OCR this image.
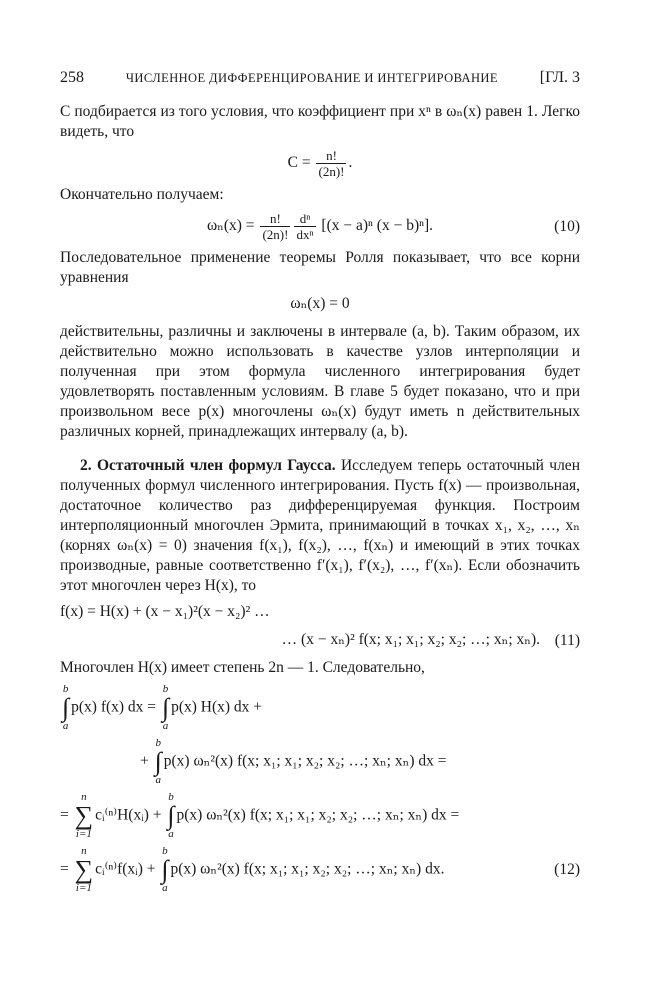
258	ЧИСЛЕННОЕ ДИФФЕРЕНЦИРОВАНИЕ И ИНТЕГРИРОВАНИЕ	[ГЛ. 3

C подбирается из того условия, что коэффициент при xⁿ в ωₙ(x) равен 1. Легко видеть, что

$C = \frac{n!}{(2n)!}$ .

Окончательно получаем:

$\omega_n(x) = \frac{n!}{(2n)!} \frac{\text{dⁿ}}{\text{dxⁿ}} [(x - a)^n$ (x − b)ⁿ].	(10)

Последовательное применение теоремы Ролля показывает, что все корни уравнения

ωₙ(x) = 0

действительны, различны и заключены в интервале (a, b). Таким образом, их действительно можно использовать в качестве узлов интерполяции и полученная при этом формула численного интегрирования будет удовлетворять поставленным условиям. В главе 5 будет показано, что и при произвольном весе p(x) многочлены ωₙ(x) будут иметь n действительных различных корней, принадлежащих интервалу (a, b).

2. Остаточный член формул Гаусса. Исследуем теперь остаточный член полученных формул численного интегрирования. Пусть f(x) — произвольная, достаточное количество раз дифференцируемая функция. Построим интерполяционный многочлен Эрмита, принимающий в точках x₁, x₂, …, xₙ (корнях ωₙ(x) = 0) значения f(x₁), f(x₂), …, f(xₙ) и имеющий в этих точках производные, равные соответственно f′(x₁), f′(x₂), …, f′(xₙ). Если обозначить этот многочлен через H(x), то

f(x) = H(x) + (x − x₁)²(x − x₂)² …
… (x − xₙ)² f(x; x₁; x₁; x₂; x₂; …; xₙ; xₙ). (11)

Многочлен H(x) имеет степень 2n — 1. Следовательно,

b
∫
a
p(x) f(x) dx =
b
∫
a
p(x) H(x) dx +
+
b
∫
a
p(x) ωₙ²(x) f(x; x₁; x₁; x₂; x₂; …; xₙ; xₙ) dx =
=
n
∑
i=1
cᵢ⁽ⁿ⁾H(xᵢ) +
b
∫
a
p(x) ωₙ²(x) f(x; x₁; x₁; x₂; x₂; …; xₙ; xₙ) dx =
=
n
∑
i=1
cᵢ⁽ⁿ⁾f(xᵢ) +
b
∫
a
p(x) ωₙ²(x) f(x; x₁; x₁; x₂; x₂; …; xₙ; xₙ) dx.	(12)
